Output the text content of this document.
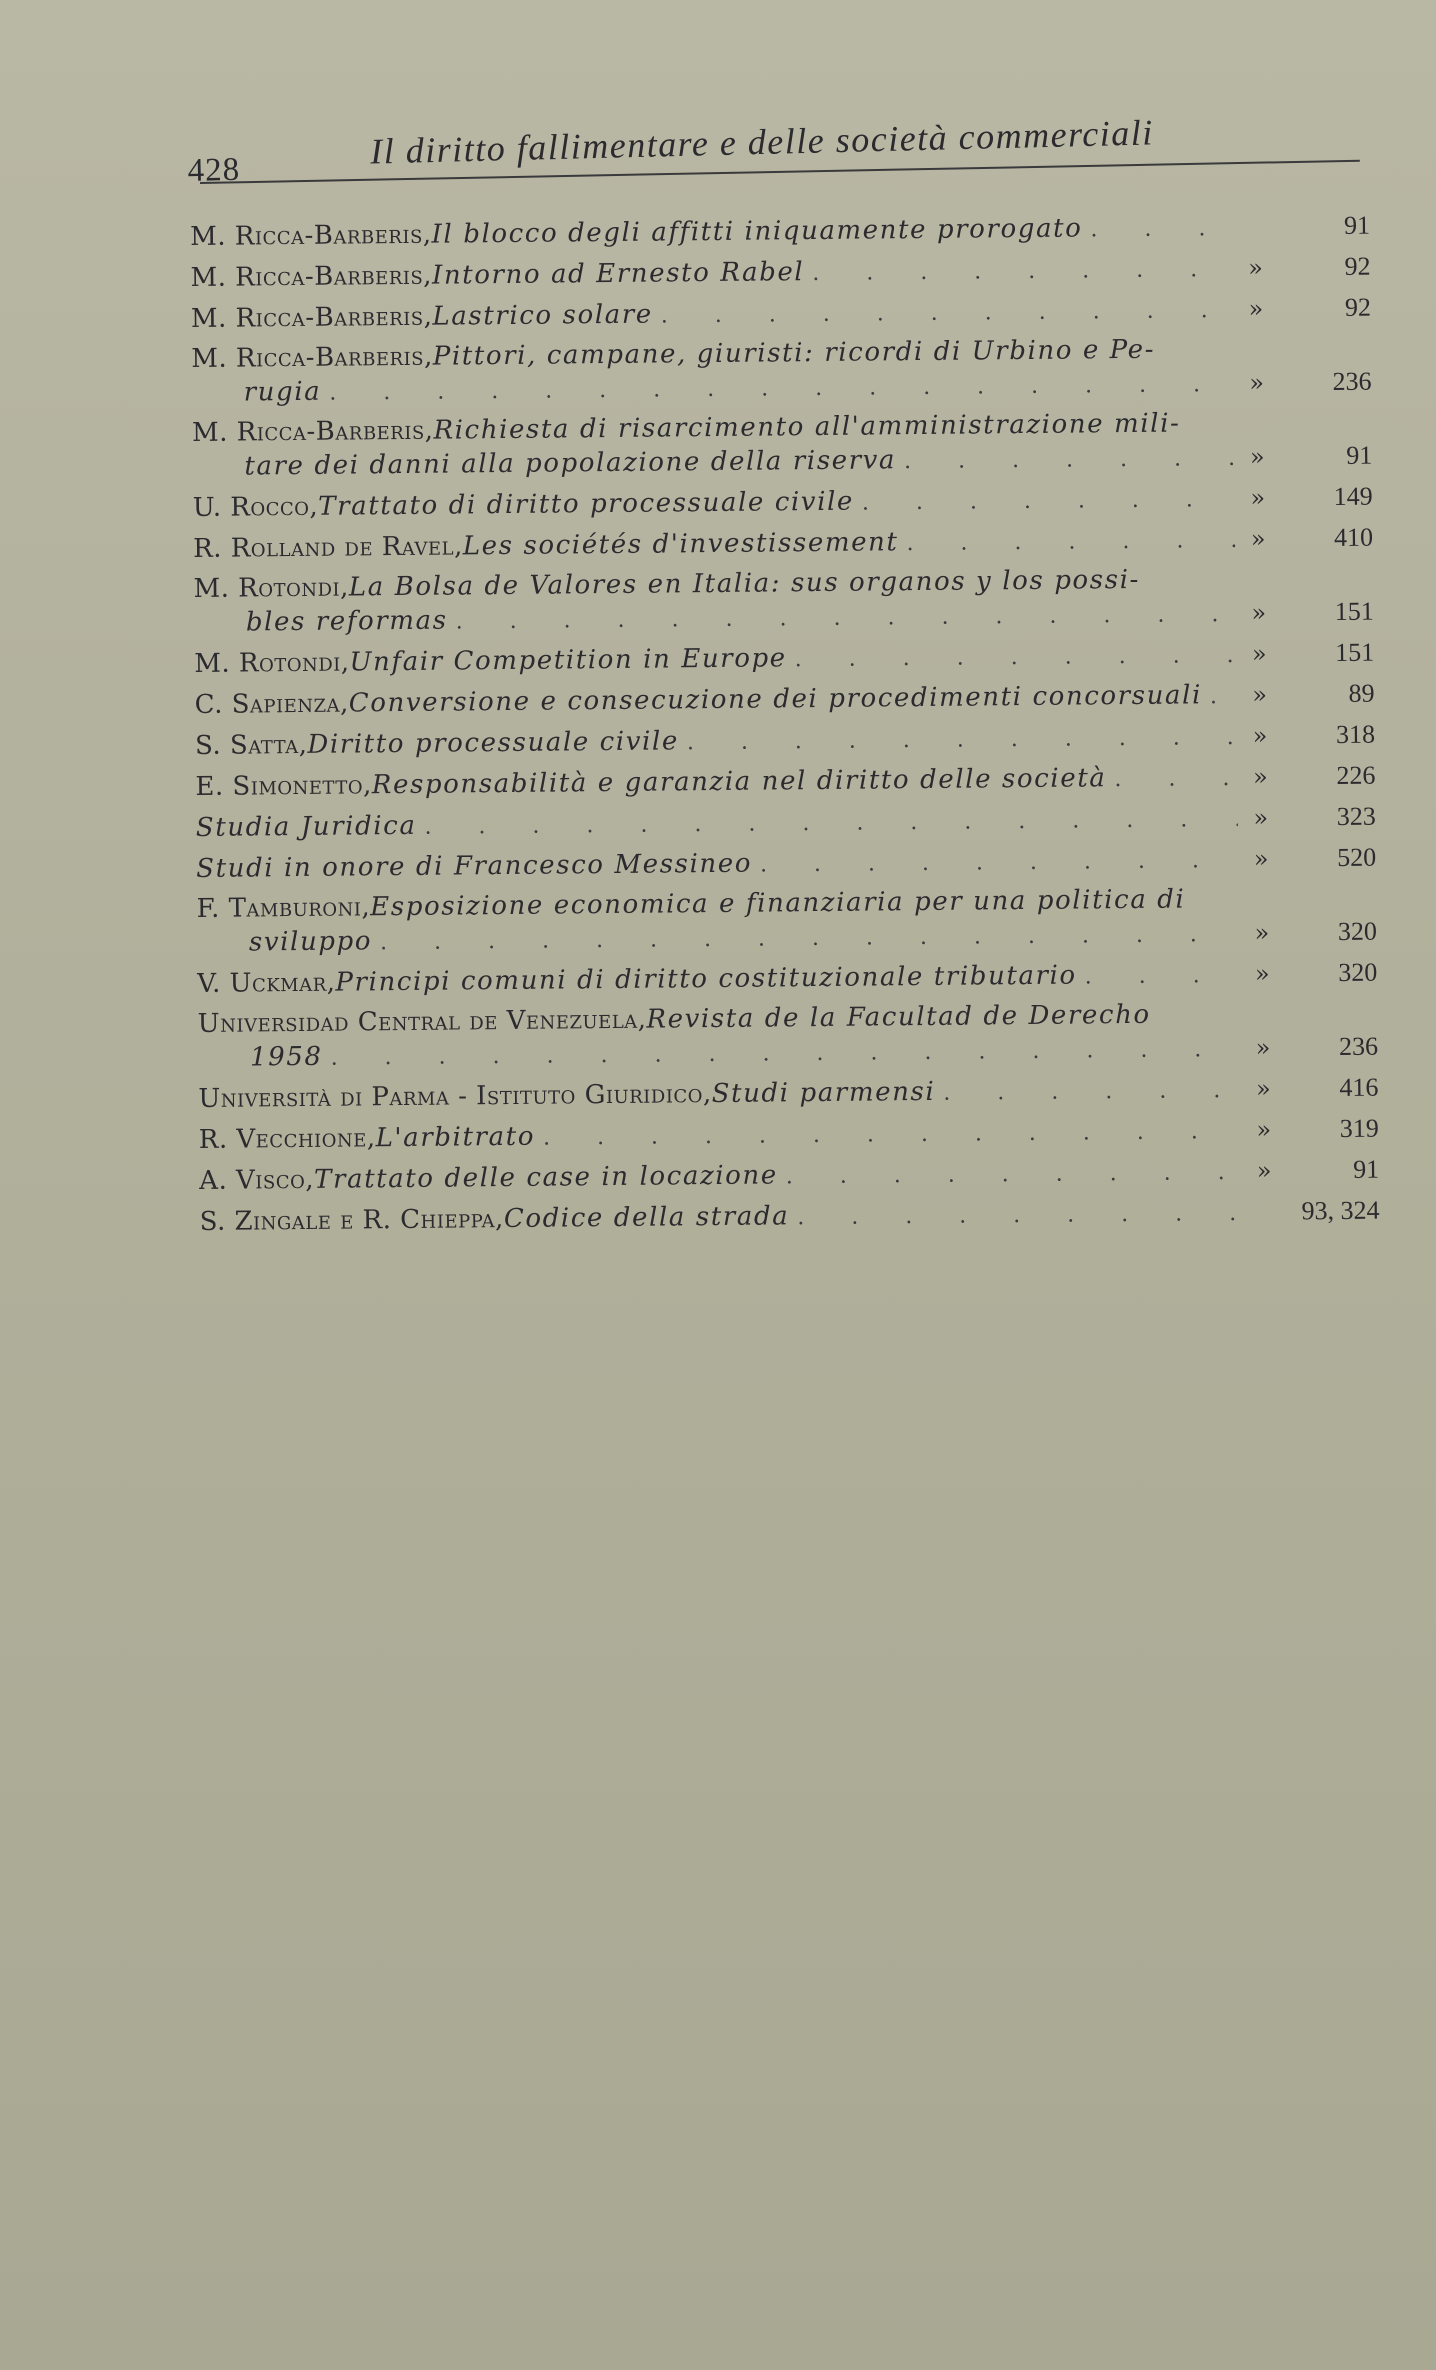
428	Il diritto fallimentare e delle società commerciali
M. Ricca-Barberis , Il blocco degli affitti iniquamente prorogato . . .	91
M. Ricca-Barberis , Intorno ad Ernesto Rabel . . .	»	92
M. Ricca-Barberis , Lastrico solare . . .	»	92
M. Ricca-Barberis , Pittori, campane, giuristi: ricordi di Urbino e Pe-
rugia . . .	»	236
M. Ricca-Barberis , Richiesta di risarcimento all'amministrazione mili-
tare dei danni alla popolazione della riserva . . .	»	91
U. Rocco , Trattato di diritto processuale civile . . .	»	149
R. Rolland de Ravel , Les sociétés d'investissement . . .	»	410
M. Rotondi , La Bolsa de Valores en Italia: sus organos y los possi-
bles reformas . . .	»	151
M. Rotondi , Unfair Competition in Europe . . .	»	151
C. Sapienza , Conversione e consecuzione dei procedimenti concorsuali . . .	»	89
S. Satta , Diritto processuale civile . . .	»	318
E. Simonetto , Responsabilità e garanzia nel diritto delle società . . .	»	226
Studia Juridica . . .	»	323
Studi in onore di Francesco Messineo . . .	»	520
F. Tamburoni , Esposizione economica e finanziaria per una politica di
sviluppo . . .	»	320
V. Uckmar , Principi comuni di diritto costituzionale tributario . . .	»	320
Universidad Central de Venezuela , Revista de la Facultad de Derecho
1958 . . .	»	236
Università di Parma - Istituto Giuridico , Studi parmensi . . .	»	416
R. Vecchione , L'arbitrato . . .	»	319
A. Visco , Trattato delle case in locazione . . .	»	91
S. Zingale e R. Chieppa , Codice della strada . . .	93, 324
